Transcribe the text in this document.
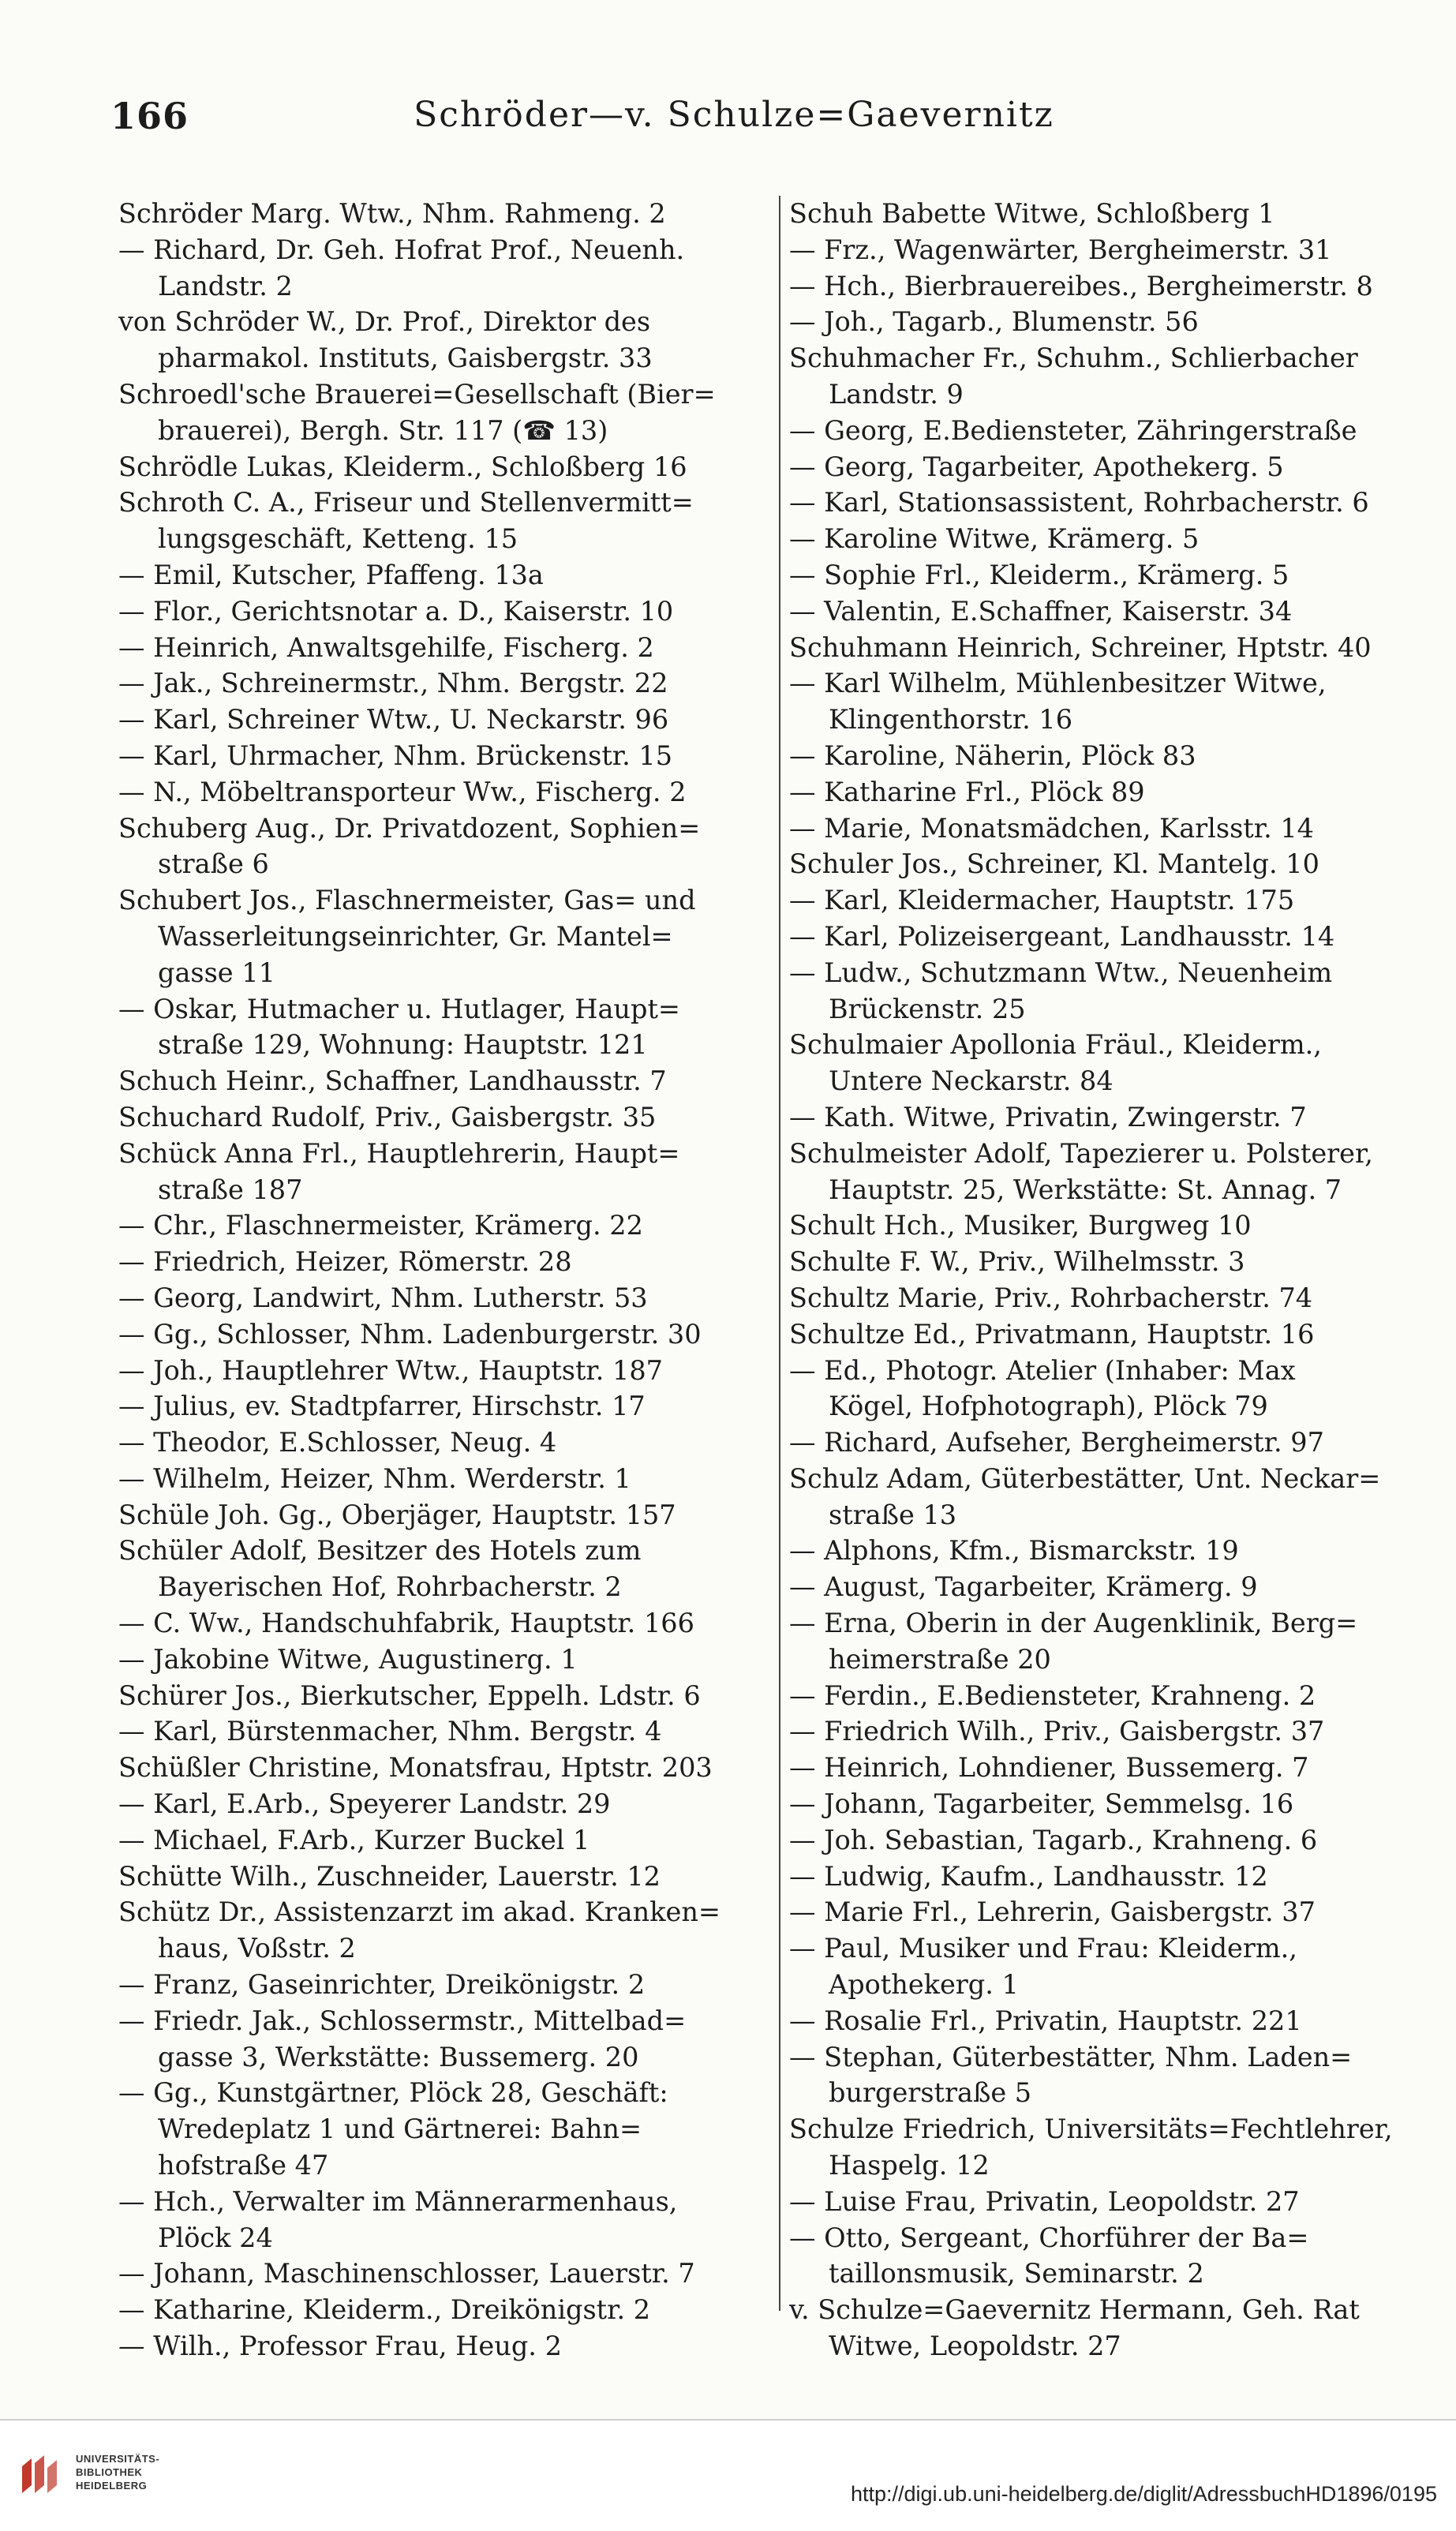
166	Schröder—v. Schulze=Gaevernitz
Schröder Marg. Wtw., Nhm. Rahmeng. 2
— Richard, Dr. Geh. Hofrat Prof., Neuenh.
Landstr. 2
von Schröder W., Dr. Prof., Direktor des
pharmakol. Instituts, Gaisbergstr. 33
Schroedl'sche Brauerei=Gesellschaft (Bier=
brauerei), Bergh. Str. 117 (☎ 13)
Schrödle Lukas, Kleiderm., Schloßberg 16
Schroth C. A., Friseur und Stellenvermitt=
lungsgeschäft, Ketteng. 15
— Emil, Kutscher, Pfaffeng. 13a
— Flor., Gerichtsnotar a. D., Kaiserstr. 10
— Heinrich, Anwaltsgehilfe, Fischerg. 2
— Jak., Schreinermstr., Nhm. Bergstr. 22
— Karl, Schreiner Wtw., U. Neckarstr. 96
— Karl, Uhrmacher, Nhm. Brückenstr. 15
— N., Möbeltransporteur Ww., Fischerg. 2
Schuberg Aug., Dr. Privatdozent, Sophien=
straße 6
Schubert Jos., Flaschnermeister, Gas= und
Wasserleitungseinrichter, Gr. Mantel=
gasse 11
— Oskar, Hutmacher u. Hutlager, Haupt=
straße 129, Wohnung: Hauptstr. 121
Schuch Heinr., Schaffner, Landhausstr. 7
Schuchard Rudolf, Priv., Gaisbergstr. 35
Schück Anna Frl., Hauptlehrerin, Haupt=
straße 187
— Chr., Flaschnermeister, Krämerg. 22
— Friedrich, Heizer, Römerstr. 28
— Georg, Landwirt, Nhm. Lutherstr. 53
— Gg., Schlosser, Nhm. Ladenburgerstr. 30
— Joh., Hauptlehrer Wtw., Hauptstr. 187
— Julius, ev. Stadtpfarrer, Hirschstr. 17
— Theodor, E.Schlosser, Neug. 4
— Wilhelm, Heizer, Nhm. Werderstr. 1
Schüle Joh. Gg., Oberjäger, Hauptstr. 157
Schüler Adolf, Besitzer des Hotels zum
Bayerischen Hof, Rohrbacherstr. 2
— C. Ww., Handschuhfabrik, Hauptstr. 166
— Jakobine Witwe, Augustinerg. 1
Schürer Jos., Bierkutscher, Eppelh. Ldstr. 6
— Karl, Bürstenmacher, Nhm. Bergstr. 4
Schüßler Christine, Monatsfrau, Hptstr. 203
— Karl, E.Arb., Speyerer Landstr. 29
— Michael, F.Arb., Kurzer Buckel 1
Schütte Wilh., Zuschneider, Lauerstr. 12
Schütz Dr., Assistenzarzt im akad. Kranken=
haus, Voßstr. 2
— Franz, Gaseinrichter, Dreikönigstr. 2
— Friedr. Jak., Schlossermstr., Mittelbad=
gasse 3, Werkstätte: Bussemerg. 20
— Gg., Kunstgärtner, Plöck 28, Geschäft:
Wredeplatz 1 und Gärtnerei: Bahn=
hofstraße 47
— Hch., Verwalter im Männerarmenhaus,
Plöck 24
— Johann, Maschinenschlosser, Lauerstr. 7
— Katharine, Kleiderm., Dreikönigstr. 2
— Wilh., Professor Frau, Heug. 2
Schuh Babette Witwe, Schloßberg 1
— Frz., Wagenwärter, Bergheimerstr. 31
— Hch., Bierbrauereibes., Bergheimerstr. 8
— Joh., Tagarb., Blumenstr. 56
Schuhmacher Fr., Schuhm., Schlierbacher
Landstr. 9
— Georg, E.Bediensteter, Zähringerstraße
— Georg, Tagarbeiter, Apothekerg. 5
— Karl, Stationsassistent, Rohrbacherstr. 6
— Karoline Witwe, Krämerg. 5
— Sophie Frl., Kleiderm., Krämerg. 5
— Valentin, E.Schaffner, Kaiserstr. 34
Schuhmann Heinrich, Schreiner, Hptstr. 40
— Karl Wilhelm, Mühlenbesitzer Witwe,
Klingenthorstr. 16
— Karoline, Näherin, Plöck 83
— Katharine Frl., Plöck 89
— Marie, Monatsmädchen, Karlsstr. 14
Schuler Jos., Schreiner, Kl. Mantelg. 10
— Karl, Kleidermacher, Hauptstr. 175
— Karl, Polizeisergeant, Landhausstr. 14
— Ludw., Schutzmann Wtw., Neuenheim
Brückenstr. 25
Schulmaier Apollonia Fräul., Kleiderm.,
Untere Neckarstr. 84
— Kath. Witwe, Privatin, Zwingerstr. 7
Schulmeister Adolf, Tapezierer u. Polsterer,
Hauptstr. 25, Werkstätte: St. Annag. 7
Schult Hch., Musiker, Burgweg 10
Schulte F. W., Priv., Wilhelmsstr. 3
Schultz Marie, Priv., Rohrbacherstr. 74
Schultze Ed., Privatmann, Hauptstr. 16
— Ed., Photogr. Atelier (Inhaber: Max
Kögel, Hofphotograph), Plöck 79
— Richard, Aufseher, Bergheimerstr. 97
Schulz Adam, Güterbestätter, Unt. Neckar=
straße 13
— Alphons, Kfm., Bismarckstr. 19
— August, Tagarbeiter, Krämerg. 9
— Erna, Oberin in der Augenklinik, Berg=
heimerstraße 20
— Ferdin., E.Bediensteter, Krahneng. 2
— Friedrich Wilh., Priv., Gaisbergstr. 37
— Heinrich, Lohndiener, Bussemerg. 7
— Johann, Tagarbeiter, Semmelsg. 16
— Joh. Sebastian, Tagarb., Krahneng. 6
— Ludwig, Kaufm., Landhausstr. 12
— Marie Frl., Lehrerin, Gaisbergstr. 37
— Paul, Musiker und Frau: Kleiderm.,
Apothekerg. 1
— Rosalie Frl., Privatin, Hauptstr. 221
— Stephan, Güterbestätter, Nhm. Laden=
burgerstraße 5
Schulze Friedrich, Universitäts=Fechtlehrer,
Haspelg. 12
— Luise Frau, Privatin, Leopoldstr. 27
— Otto, Sergeant, Chorführer der Ba=
taillonsmusik, Seminarstr. 2
v. Schulze=Gaevernitz Hermann, Geh. Rat
Witwe, Leopoldstr. 27
UNIVERSITÄTS-
BIBLIOTHEK
HEIDELBERG	http://digi.ub.uni-heidelberg.de/diglit/AdressbuchHD1896/0195
